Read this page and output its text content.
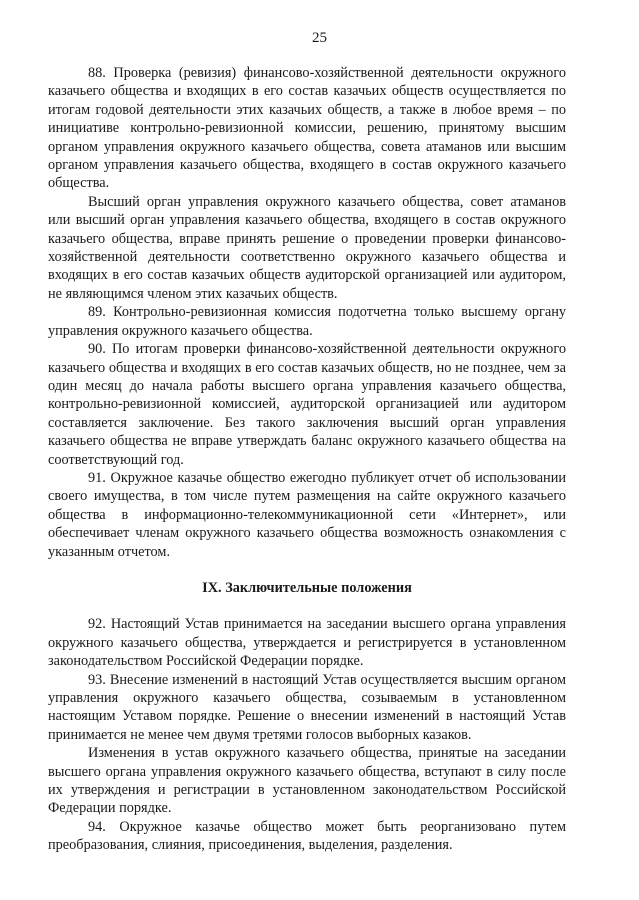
25

88. Проверка (ревизия) финансово-хозяйственной деятельности окружного казачьего общества и входящих в его состав казачьих обществ осуществляется по итогам годовой деятельности этих казачьих обществ, а также в любое время – по инициативе контрольно-ревизионной комиссии, решению, принятому высшим органом управления окружного казачьего общества, совета атаманов или высшим органом управления казачьего общества, входящего в состав окружного казачьего общества.

Высший орган управления окружного казачьего общества, совет атаманов или высший орган управления казачьего общества, входящего в состав окружного казачьего общества, вправе принять решение о проведении проверки финансово-хозяйственной деятельности соответственно окружного казачьего общества и входящих в его состав казачьих обществ аудиторской организацией или аудитором, не являющимся членом этих казачьих обществ.

89. Контрольно-ревизионная комиссия подотчетна только высшему органу управления окружного казачьего общества.

90. По итогам проверки финансово-хозяйственной деятельности окружного казачьего общества и входящих в его состав казачьих обществ, но не позднее, чем за один месяц до начала работы высшего органа управления казачьего общества, контрольно-ревизионной комиссией, аудиторской организацией или аудитором составляется заключение. Без такого заключения высший орган управления казачьего общества не вправе утверждать баланс окружного казачьего общества на соответствующий год.

91. Окружное казачье общество ежегодно публикует отчет об использовании своего имущества, в том числе путем размещения на сайте окружного казачьего общества в информационно-телекоммуникационной сети «Интернет», или обеспечивает членам окружного казачьего общества возможность ознакомления с указанным отчетом.

IX. Заключительные положения

92. Настоящий Устав принимается на заседании высшего органа управления окружного казачьего общества, утверждается и регистрируется в установленном законодательством Российской Федерации порядке.

93. Внесение изменений в настоящий Устав осуществляется высшим органом управления окружного казачьего общества, созываемым в установленном настоящим Уставом порядке. Решение о внесении изменений в настоящий Устав принимается не менее чем двумя третями голосов выборных казаков.

Изменения в устав окружного казачьего общества, принятые на заседании высшего органа управления окружного казачьего общества, вступают в силу после их утверждения и регистрации в установленном законодательством Российской Федерации порядке.

94. Окружное казачье общество может быть реорганизовано путем преобразования, слияния, присоединения, выделения, разделения.
